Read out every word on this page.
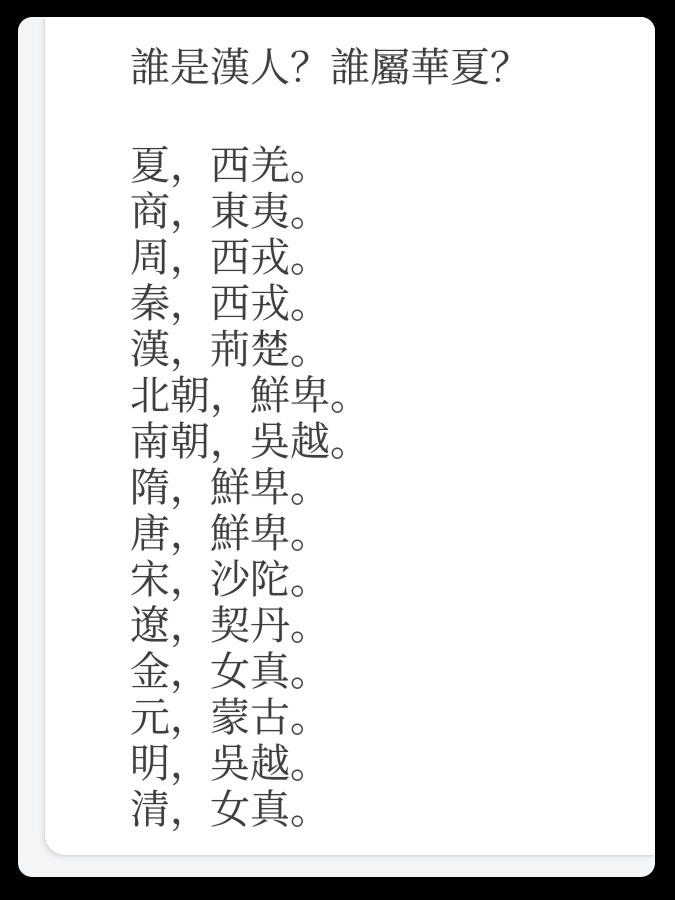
誰是漢人？誰屬華夏？
夏，西羌。
商，東夷。
周，西戎。
秦，西戎。
漢，荊楚。
北朝，鮮卑。
南朝，吳越。
隋，鮮卑。
唐，鮮卑。
宋，沙陀。
遼，契丹。
金，女真。
元，蒙古。
明，吳越。
清，女真。
